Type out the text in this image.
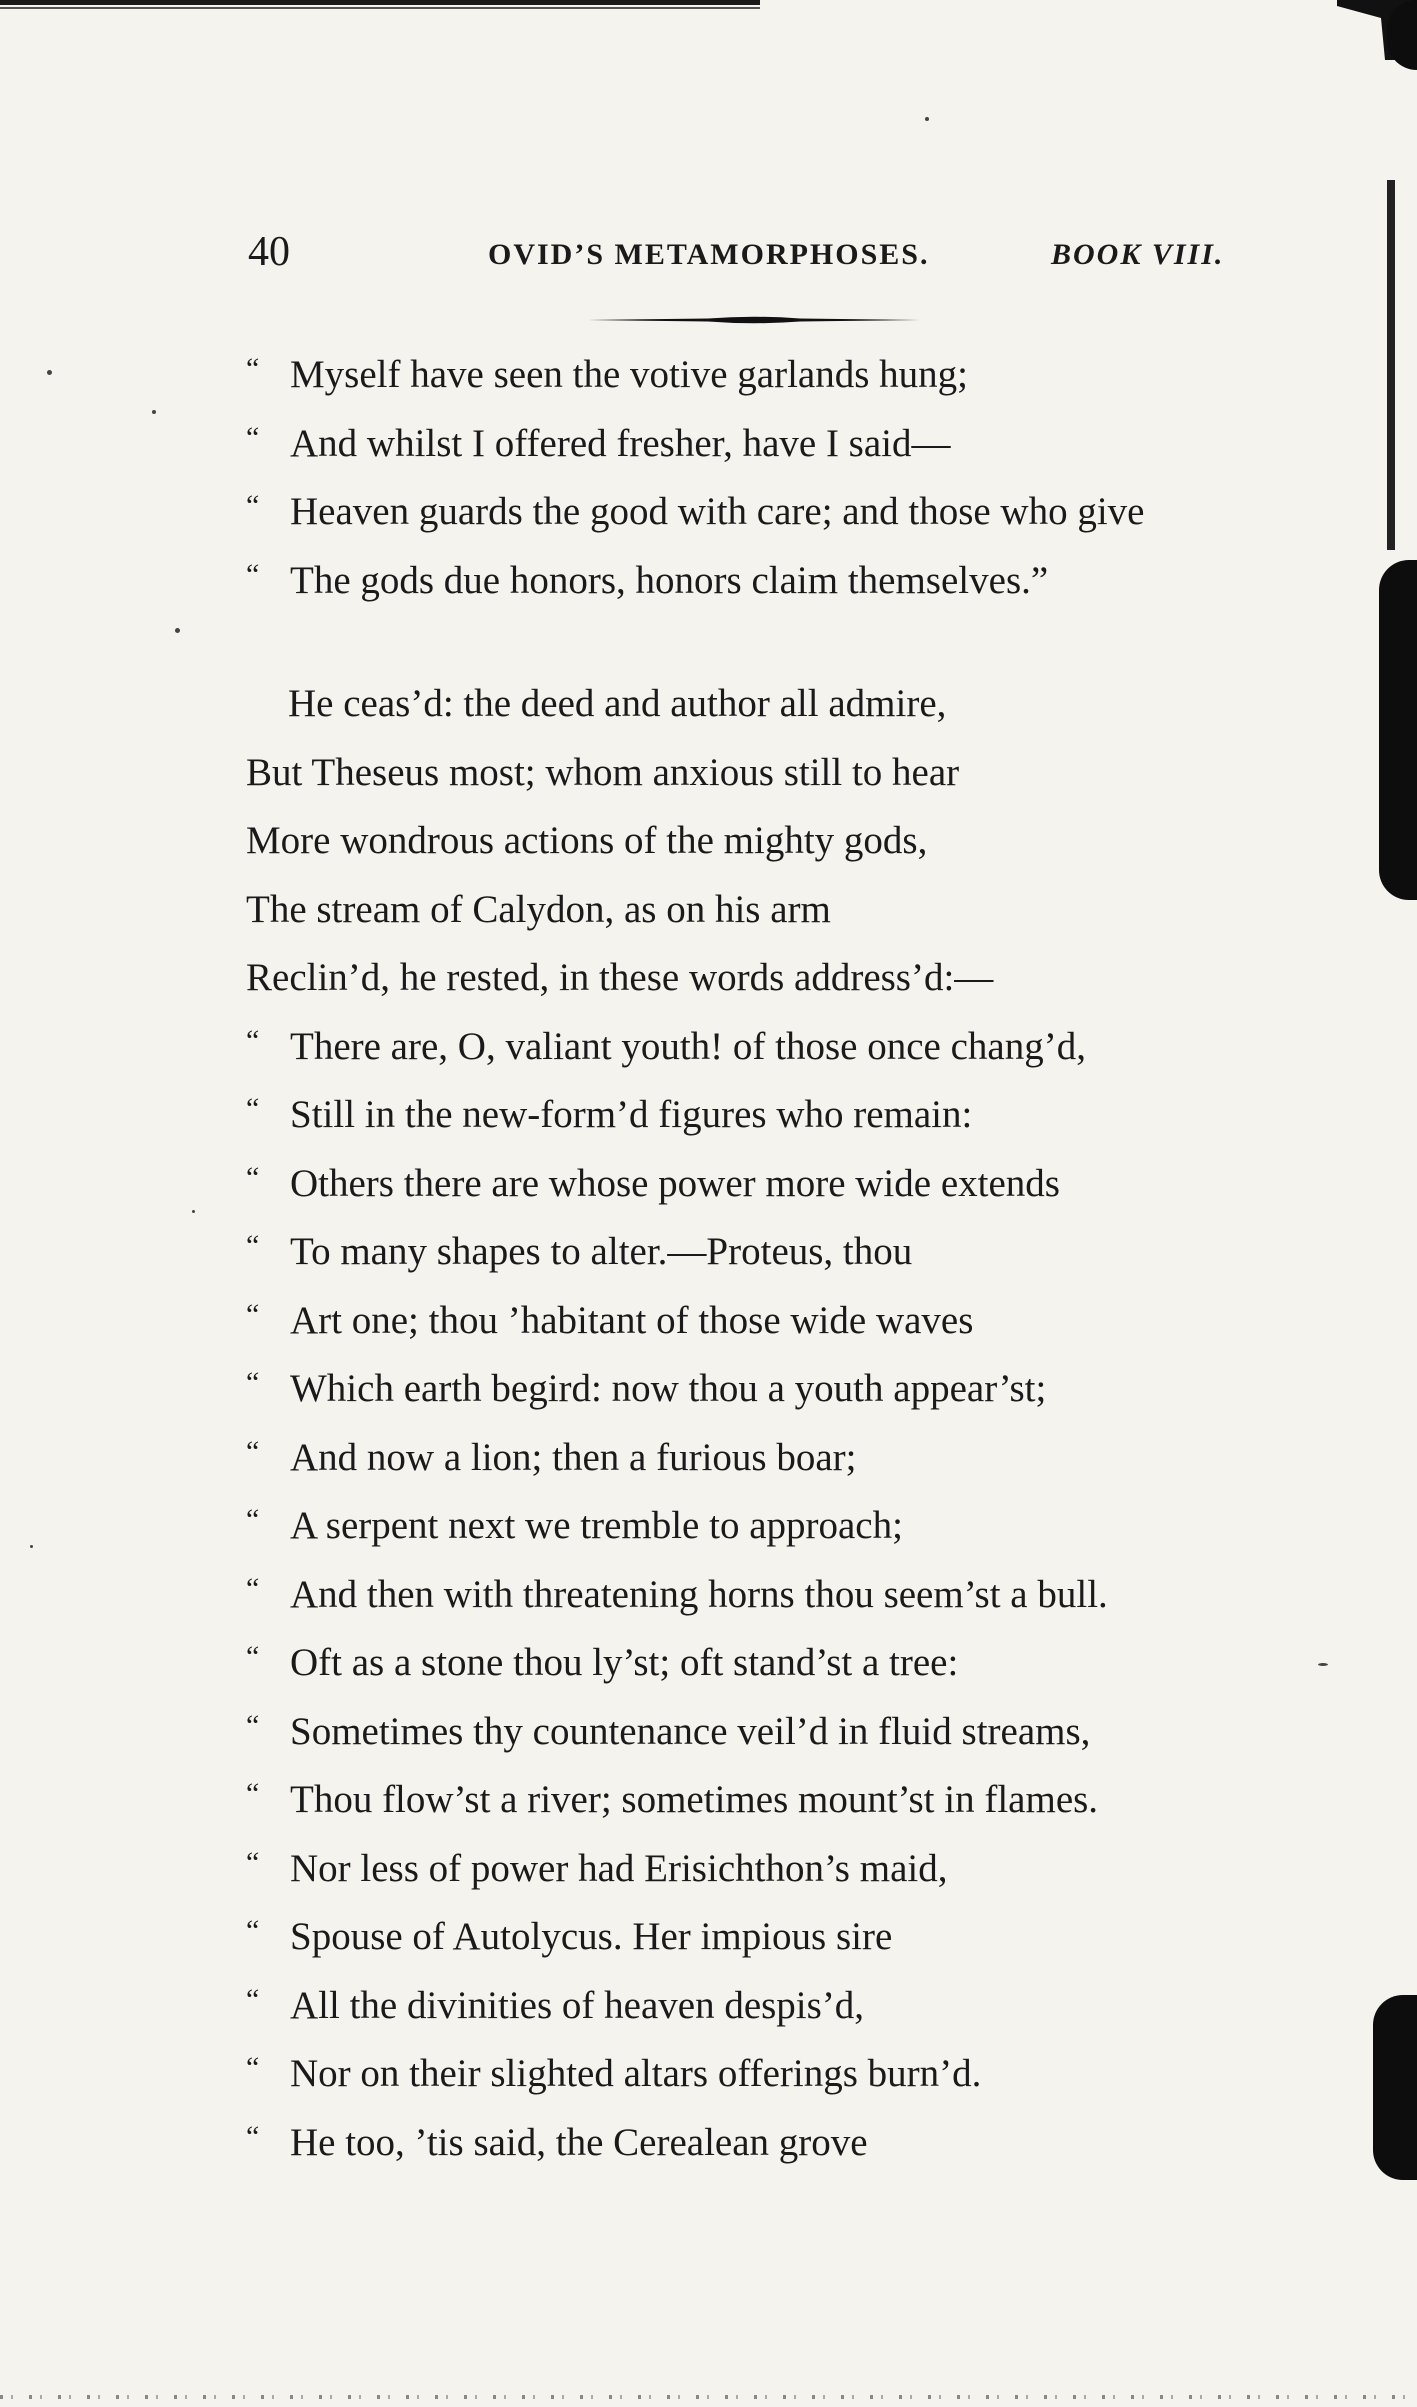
40	OVID’S METAMORPHOSES.	BOOK VIII.
“ Myself have seen the votive garlands hung;
“ And whilst I offered fresher, have I said—
“ Heaven guards the good with care; and those who give
“ The gods due honors, honors claim themselves.”
He ceas’d: the deed and author all admire,
But Theseus most; whom anxious still to hear
More wondrous actions of the mighty gods,
The stream of Calydon, as on his arm
Reclin’d, he rested, in these words address’d:—
“ There are, O, valiant youth! of those once chang’d,
“ Still in the new-form’d figures who remain:
“ Others there are whose power more wide extends
“ To many shapes to alter.—Proteus, thou
“ Art one; thou ’habitant of those wide waves
“ Which earth begird: now thou a youth appear’st;
“ And now a lion; then a furious boar;
“ A serpent next we tremble to approach;
“ And then with threatening horns thou seem’st a bull.
“ Oft as a stone thou ly’st; oft stand’st a tree:
“ Sometimes thy countenance veil’d in fluid streams,
“ Thou flow’st a river; sometimes mount’st in flames.
“ Nor less of power had Erisichthon’s maid,
“ Spouse of Autolycus. Her impious sire
“ All the divinities of heaven despis’d,
“ Nor on their slighted altars offerings burn’d.
“ He too, ’tis said, the Cerealean grove
